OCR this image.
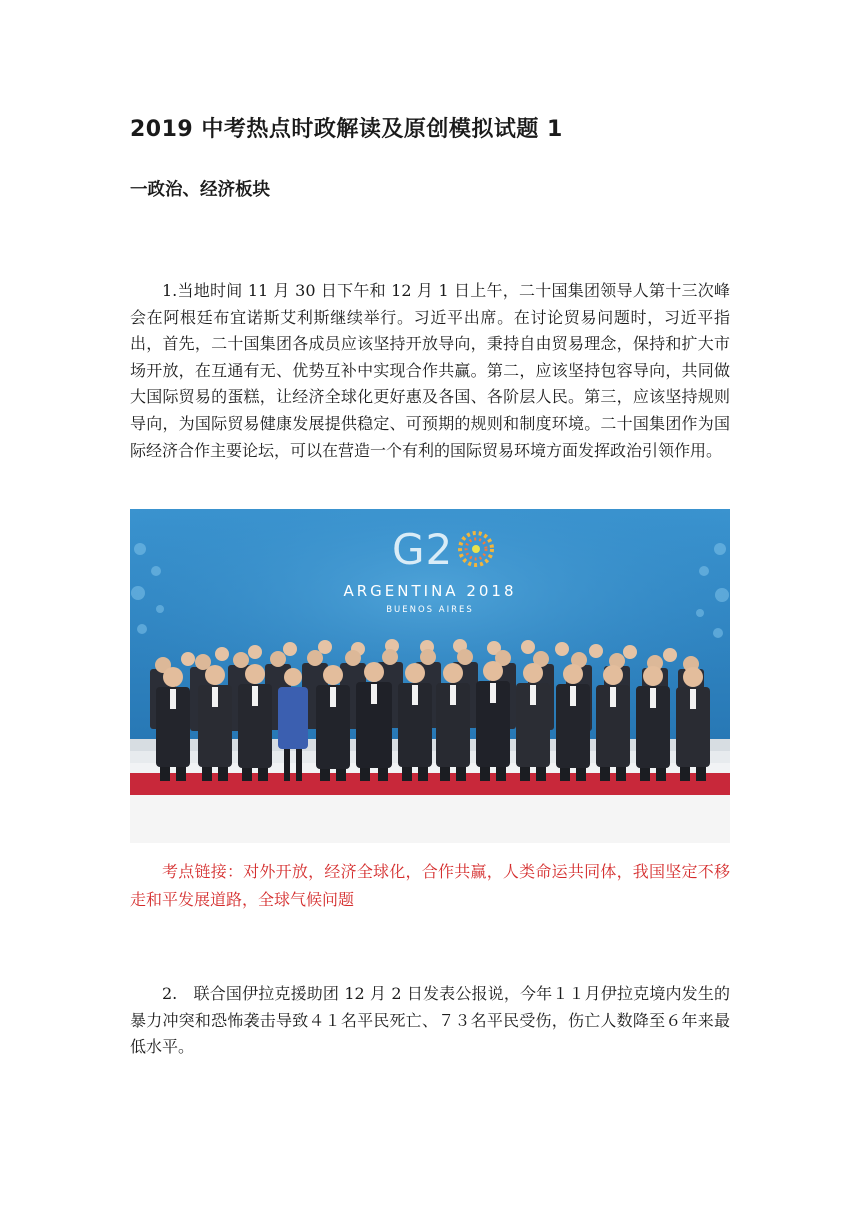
2019 中考热点时政解读及原创模拟试题 1
一政治、经济板块

1.当地时间 11 月 30 日下午和 12 月 1 日上午，二十国集团领导人第十三次峰会在阿根廷布宜诺斯艾利斯继续举行。习近平出席。在讨论贸易问题时，习近平指出，首先，二十国集团各成员应该坚持开放导向，秉持自由贸易理念，保持和扩大市场开放，在互通有无、优势互补中实现合作共赢。第二，应该坚持包容导向，共同做大国际贸易的蛋糕，让经济全球化更好惠及各国、各阶层人民。第三，应该坚持规则导向，为国际贸易健康发展提供稳定、可预期的规则和制度环境。二十国集团作为国际经济合作主要论坛，可以在营造一个有利的国际贸易环境方面发挥政治引领作用。

G2
ARGENTINA 2018
BUENOS AIRES

考点链接：对外开放，经济全球化，合作共赢，人类命运共同体，我国坚定不移走和平发展道路，全球气候问题

2.　联合国伊拉克援助团 12 月 2 日发表公报说，今年１１月伊拉克境内发生的暴力冲突和恐怖袭击导致４１名平民死亡、７３名平民受伤，伤亡人数降至６年来最低水平。
